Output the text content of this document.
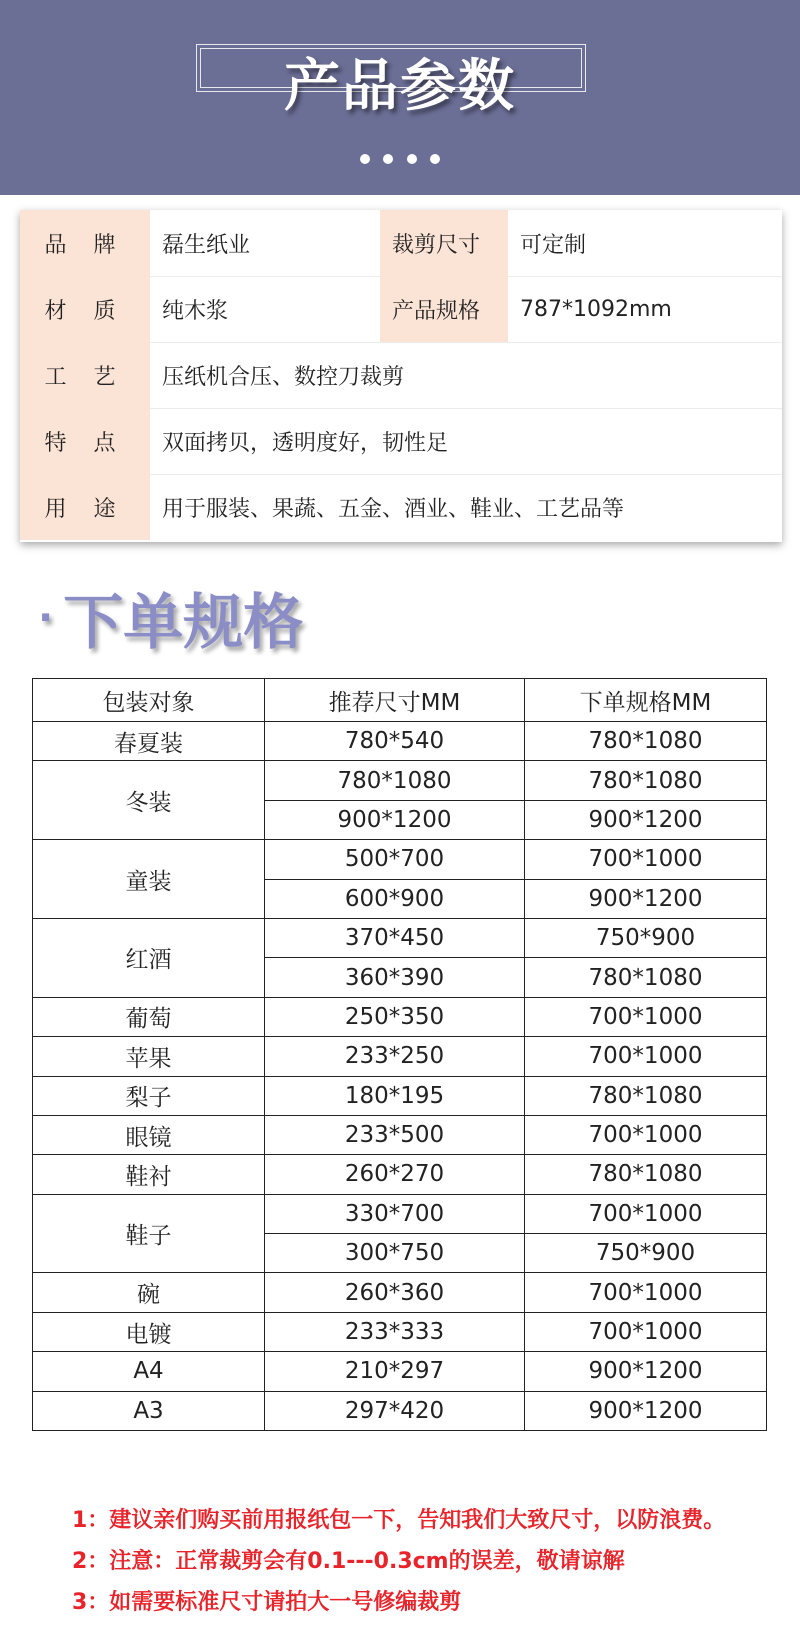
产品参数
品 牌	磊生纸业	裁剪尺寸	可定制
材 质	纯木浆	产品规格	787*1092mm
工 艺	压纸机合压、数控刀裁剪
特 点	双面拷贝，透明度好，韧性足
用 途	用于服装、果蔬、五金、酒业、鞋业、工艺品等
· 下单规格
包装对象	推荐尺寸MM	下单规格MM
春夏装	780*540	780*1080
冬装	780*1080	780*1080
	900*1200	900*1200
童装	500*700	700*1000
	600*900	900*1200
红酒	370*450	750*900
	360*390	780*1080
葡萄	250*350	700*1000
苹果	233*250	700*1000
梨子	180*195	780*1080
眼镜	233*500	700*1000
鞋衬	260*270	780*1080
鞋子	330*700	700*1000
	300*750	750*900
碗	260*360	700*1000
电镀	233*333	700*1000
A4	210*297	900*1200
A3	297*420	900*1200
1：建议亲们购买前用报纸包一下，告知我们大致尺寸，以防浪费。
2：注意：正常裁剪会有0.1---0.3cm的误差，敬请谅解
3：如需要标准尺寸请拍大一号修编裁剪
